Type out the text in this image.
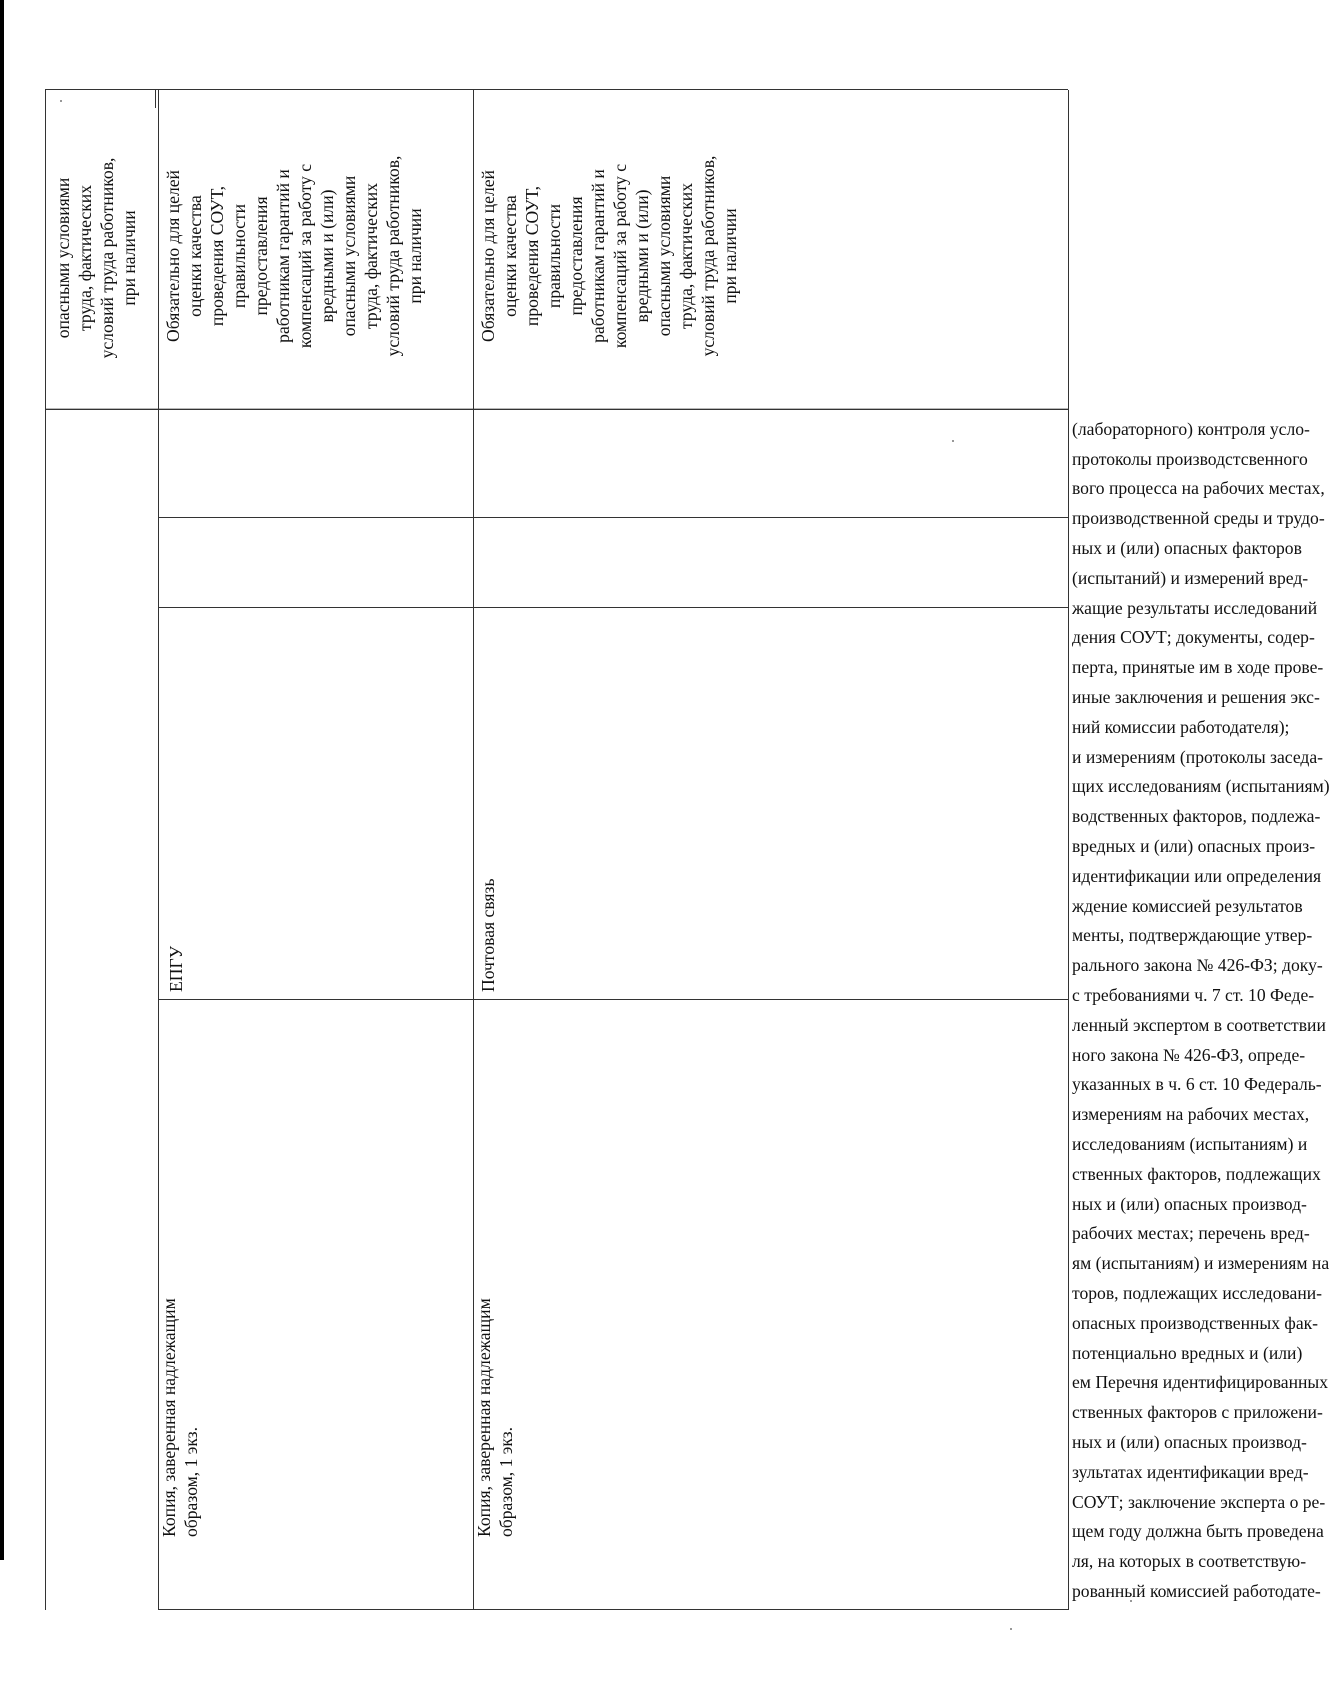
рованный комиссией работодате-
ля, на которых в соответствую-
щем году должна быть проведена
СОУТ; заключение эксперта о ре-
зультатах идентификации вред-
ных и (или) опасных производ-
ственных факторов с приложени-
ем Перечня идентифицированных
потенциально вредных и (или)
опасных производственных фак-
торов, подлежащих исследовани-
ям (испытаниям) и измерениям на
рабочих местах; перечень вред-
ных и (или) опасных производ-
ственных факторов, подлежащих
исследованиям (испытаниям) и
измерениям на рабочих местах,
указанных в ч. 6 ст. 10 Федераль-
ного закона № 426-ФЗ, опреде-
ленный экспертом в соответствии
с требованиями ч. 7 ст. 10 Феде-
рального закона № 426-ФЗ; доку-
менты, подтверждающие утвер-
ждение комиссией результатов
идентификации или определения
вредных и (или) опасных произ-
водственных факторов, подлежа-
щих исследованиям (испытаниям)
и измерениям (протоколы заседа-
ний комиссии работодателя);
иные заключения и решения экс-
перта, принятые им в ходе прове-
дения СОУТ; документы, содер-
жащие результаты исследований
(испытаний) и измерений вред-
ных и (или) опасных факторов
производственной среды и трудо-
вого процесса на рабочих местах,
протоколы производстсвенного
(лабораторного) контроля усло-
опасными условиями труда, фактических условий труда работников, при наличии
ЕПГУ
Обязательно для целей оценки качества проведения СОУТ, правильности предоставления работникам гарантий и компенсаций за работу с вредными и (или) опасными условиями труда, фактических условий труда работников, при наличии
Почтовая связь
Обязательно для целей оценки качества проведения СОУТ, правильности предоставления работникам гарантий и компенсаций за работу с вредными и (или) опасными условиями труда, фактических условий труда работников, при наличии
Копия, заверенная надлежащим образом, 1 экз.	Копия, заверенная надлежащим образом, 1 экз.
